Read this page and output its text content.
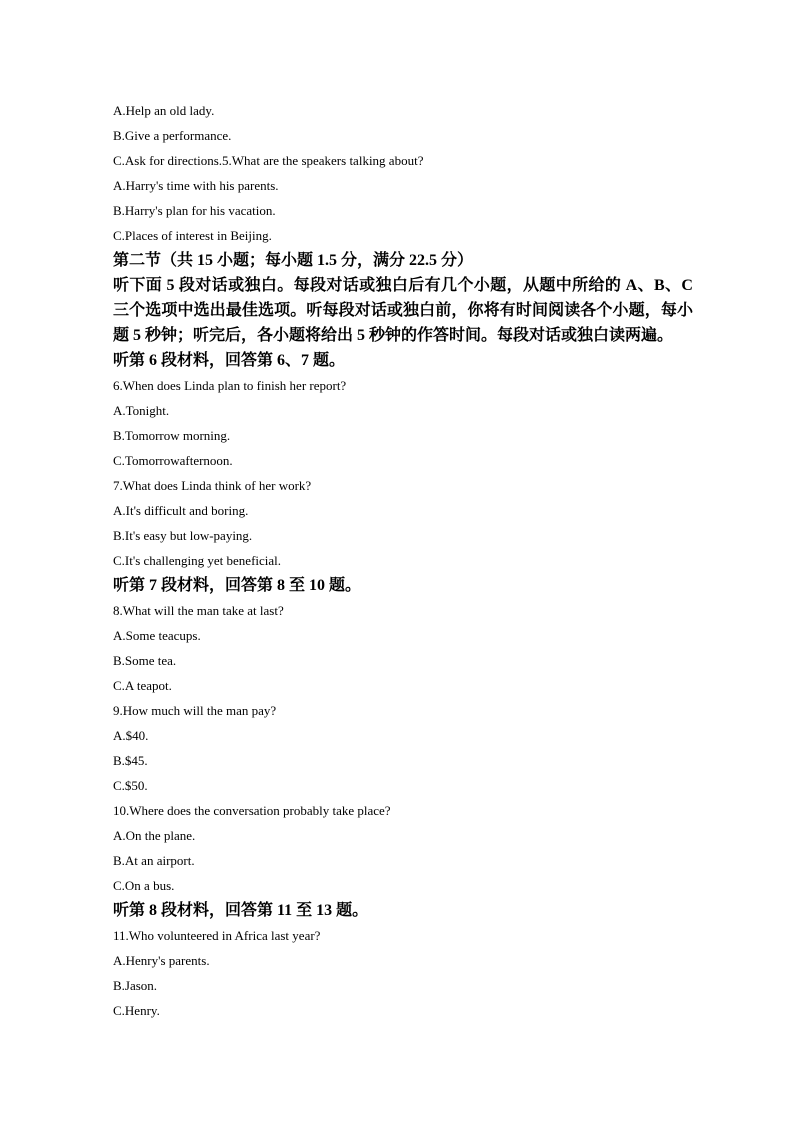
A.Help an old lady.
B.Give a performance.
C.Ask for directions.5.What are the speakers talking about?
A.Harry's time with his parents.
B.Harry's plan for his vacation.
C.Places of interest in Beijing.
第二节（共 15 小题；每小题 1.5 分，满分 22.5 分）
听下面 5 段对话或独白。每段对话或独白后有几个小题，从题中所给的 A、B、C 三个选项中选出最佳选项。听每段对话或独白前，你将有时间阅读各个小题，每小题 5 秒钟；听完后，各小题将给出 5 秒钟的作答时间。每段对话或独白读两遍。
听第 6 段材料，回答第 6、7 题。
6.When does Linda plan to finish her report?
A.Tonight.
B.Tomorrow morning.
C.Tomorrowafternoon.
7.What does Linda think of her work?
A.It's difficult and boring.
B.It's easy but low-paying.
C.It's challenging yet beneficial.
听第 7 段材料，回答第 8 至 10 题。
8.What will the man take at last?
A.Some teacups.
B.Some tea.
C.A teapot.
9.How much will the man pay?
A.$40.
B.$45.
C.$50.
10.Where does the conversation probably take place?
A.On the plane.
B.At an airport.
C.On a bus.
听第 8 段材料，回答第 11 至 13 题。
11.Who volunteered in Africa last year?
A.Henry's parents.
B.Jason.
C.Henry.
